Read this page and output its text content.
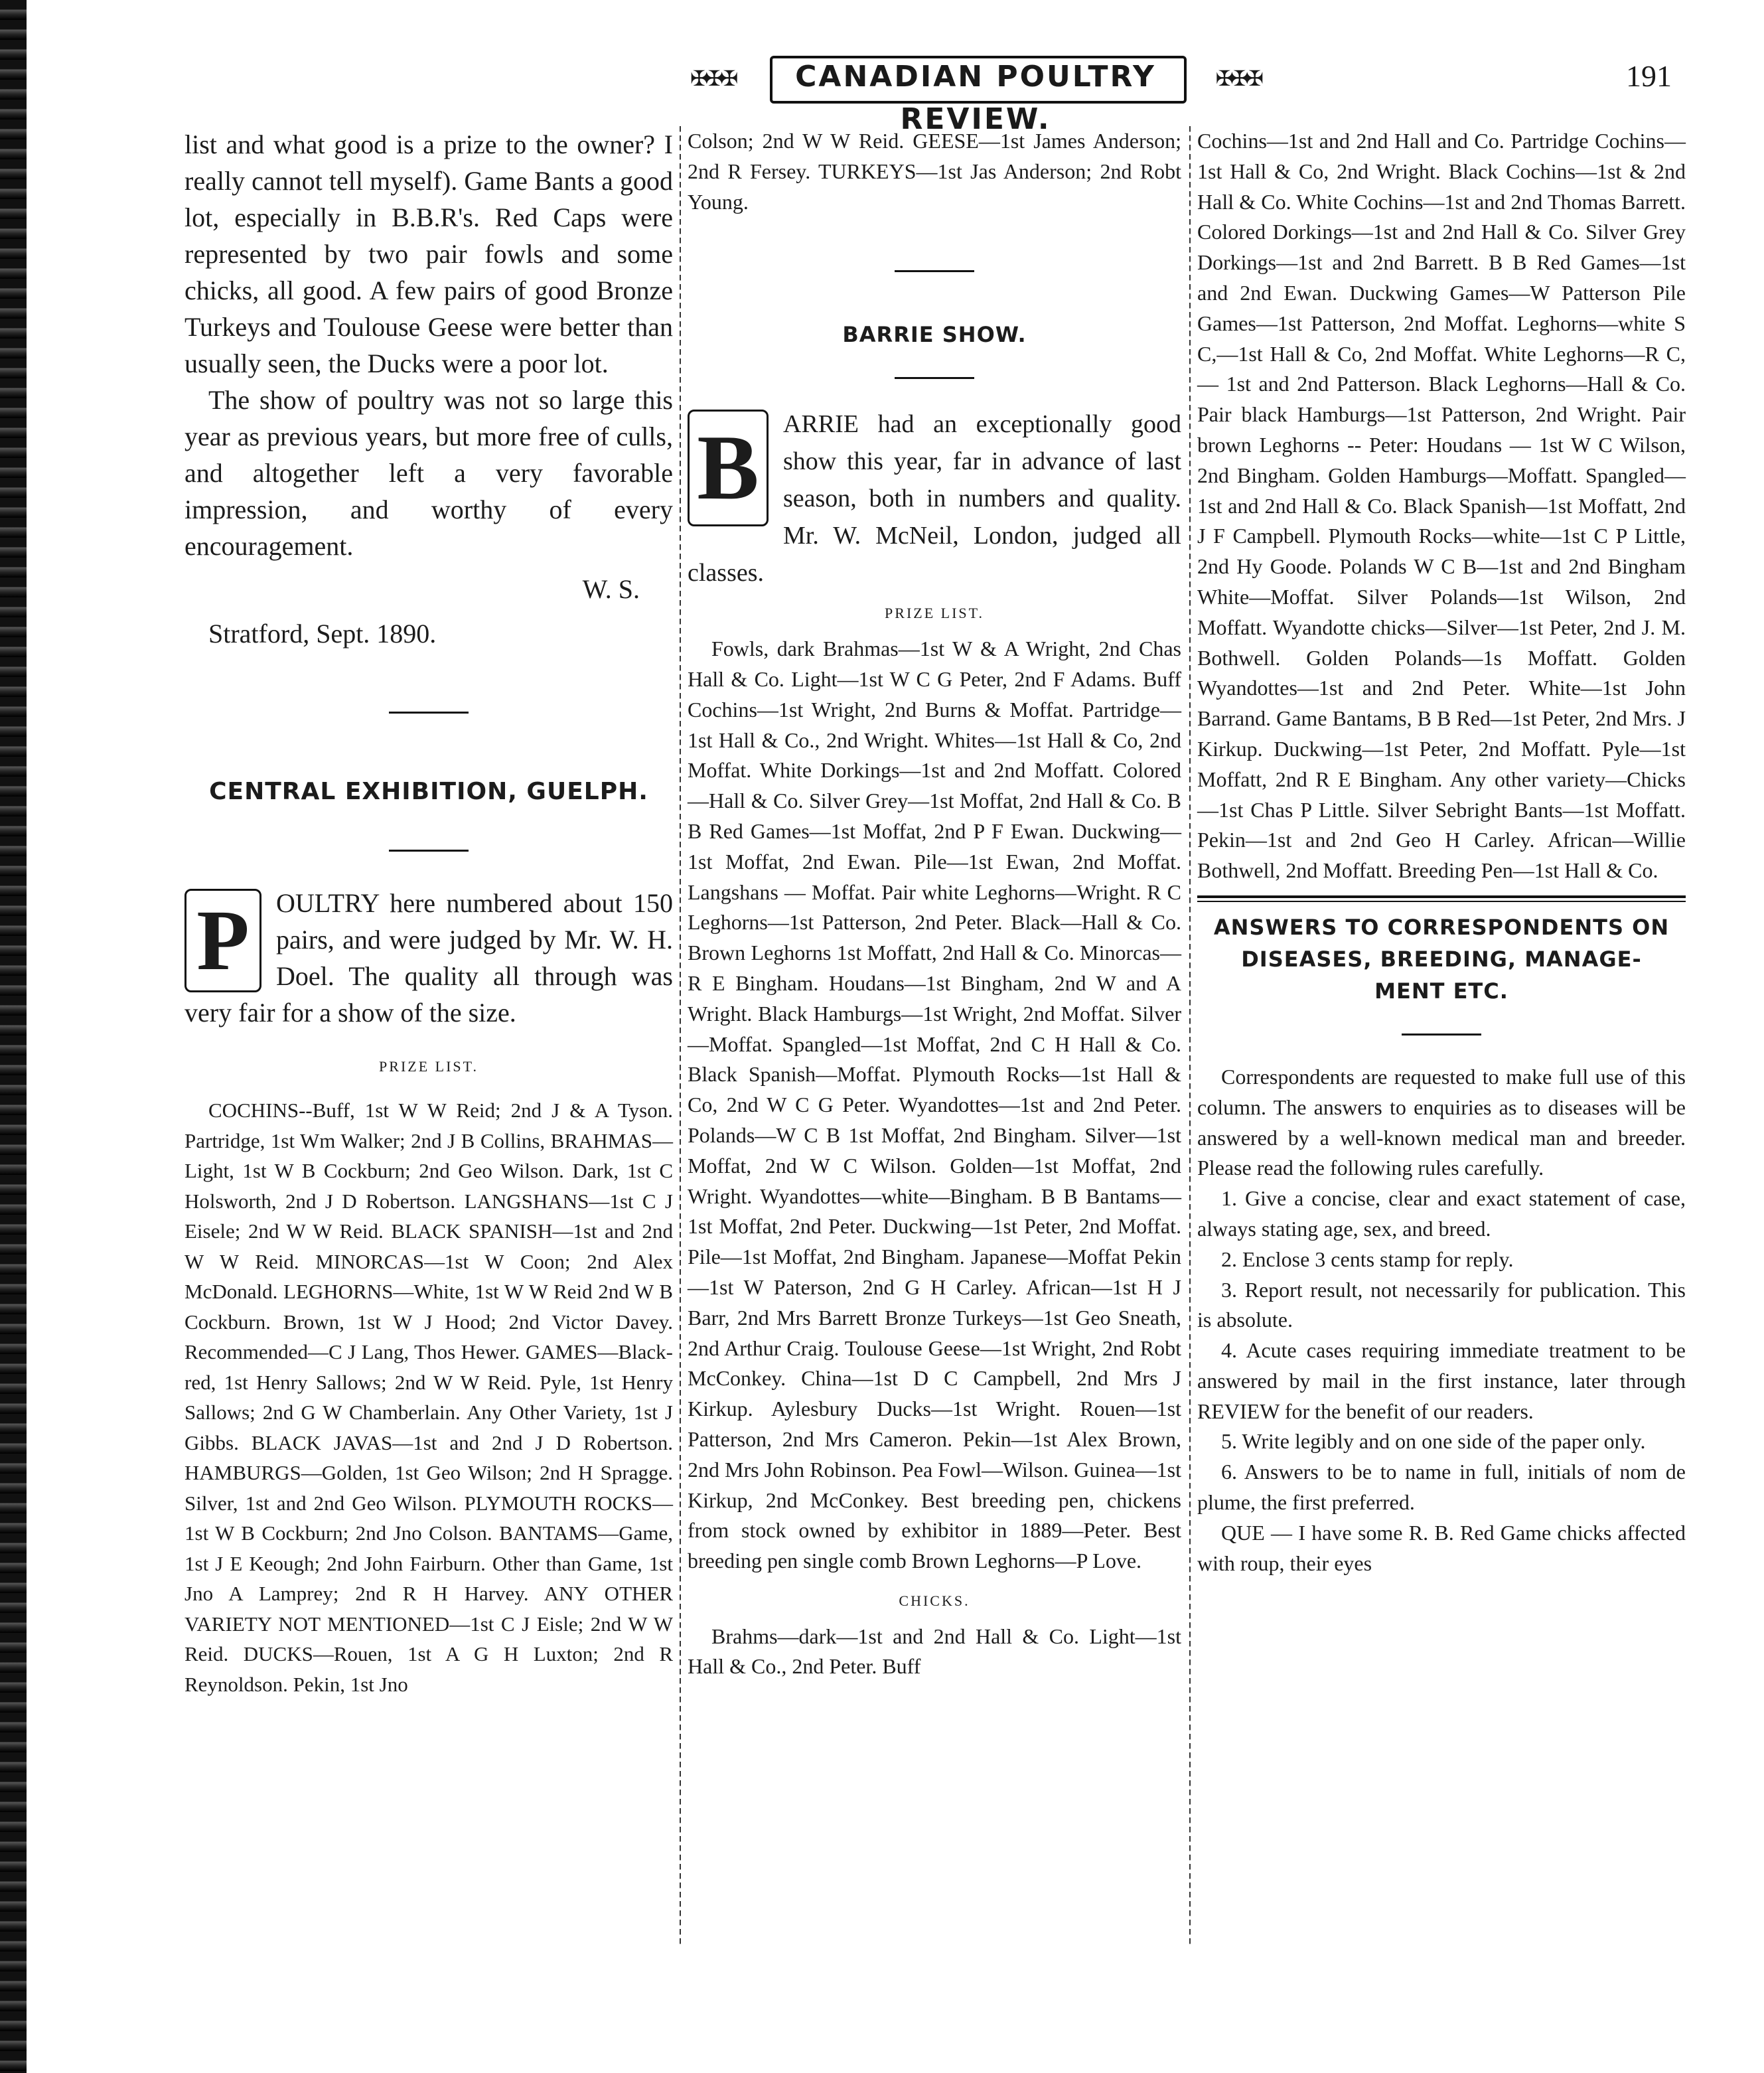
✠✠✠	CANADIAN POULTRY REVIEW.
✠✠✠	191

list and what good is a prize to the owner? I really cannot tell myself). Game Bants a good lot, especially in B.B.R's. Red Caps were represented by two pair fowls and some chicks, all good. A few pairs of good Bronze Turkeys and Toulouse Geese were better than usually seen, the Ducks were a poor lot.

The show of poultry was not so large this year as previous years, but more free of culls, and altogether left a very favorable impression, and worthy of every encouragement.

W. S.

Stratford, Sept. 1890.

CENTRAL EXHIBITION, GUELPH.
P	OULTRY here numbered about 150 pairs, and were judged by Mr. W. H. Doel. The quality all through was very fair for a show of the size.

PRIZE LIST.

COCHINS--Buff, 1st W W Reid; 2nd J & A Tyson. Partridge, 1st Wm Walker; 2nd J B Collins, BRAHMAS—Light, 1st W B Cockburn; 2nd Geo Wilson. Dark, 1st C Holsworth, 2nd J D Robertson. LANGSHANS—1st C J Eisele; 2nd W W Reid. BLACK SPANISH—1st and 2nd W W Reid. MINORCAS—1st W Coon; 2nd Alex McDonald. LEGHORNS—White, 1st W W Reid 2nd W B Cockburn. Brown, 1st W J Hood; 2nd Victor Davey. Recommended—C J Lang, Thos Hewer. GAMES—Black-red, 1st Henry Sallows; 2nd W W Reid. Pyle, 1st Henry Sallows; 2nd G W Chamberlain. Any Other Variety, 1st J Gibbs. BLACK JAVAS—1st and 2nd J D Robertson. HAMBURGS—Golden, 1st Geo Wilson; 2nd H Spragge. Silver, 1st and 2nd Geo Wilson. PLYMOUTH ROCKS—1st W B Cockburn; 2nd Jno Colson. BANTAMS—Game, 1st J E Keough; 2nd John Fairburn. Other than Game, 1st Jno A Lamprey; 2nd R H Harvey. ANY OTHER VARIETY NOT MENTIONED—1st C J Eisle; 2nd W W Reid. DUCKS—Rouen, 1st A G H Luxton; 2nd R Reynoldson. Pekin, 1st Jno

Colson; 2nd W W Reid. GEESE—1st James Anderson; 2nd R Fersey. TURKEYS—1st Jas Anderson; 2nd Robt Young.

BARRIE SHOW.
B ARRIE had an exceptionally good show this year, far in advance of last season, both in numbers and quality. Mr. W. McNeil, London, judged all classes.

PRIZE LIST.

Fowls, dark Brahmas—1st W & A Wright, 2nd Chas Hall & Co. Light—1st W C G Peter, 2nd F Adams. Buff Cochins—1st Wright, 2nd Burns & Moffat. Partridge—1st Hall & Co., 2nd Wright. Whites—1st Hall & Co, 2nd Moffat. White Dorkings—1st and 2nd Moffatt. Colored—Hall & Co. Silver Grey—1st Moffat, 2nd Hall & Co. B B Red Games—1st Moffat, 2nd P F Ewan. Duckwing—1st Moffat, 2nd Ewan. Pile—1st Ewan, 2nd Moffat. Langshans — Moffat. Pair white Leghorns—Wright. R C Leghorns—1st Patterson, 2nd Peter. Black—Hall & Co. Brown Leghorns 1st Moffatt, 2nd Hall & Co. Minorcas—R E Bingham. Houdans—1st Bingham, 2nd W and A Wright. Black Hamburgs—1st Wright, 2nd Moffat. Silver—Moffat. Spangled—1st Moffat, 2nd C H Hall & Co. Black Spanish—Moffat. Plymouth Rocks—1st Hall & Co, 2nd W C G Peter. Wyandottes—1st and 2nd Peter. Polands—W C B 1st Moffat, 2nd Bingham. Silver—1st Moffat, 2nd W C Wilson. Golden—1st Moffat, 2nd Wright. Wyandottes—white—Bingham. B B Bantams—1st Moffat, 2nd Peter. Duckwing—1st Peter, 2nd Moffat. Pile—1st Moffat, 2nd Bingham. Japanese—Moffat Pekin—1st W Paterson, 2nd G H Carley. African—1st H J Barr, 2nd Mrs Barrett Bronze Turkeys—1st Geo Sneath, 2nd Arthur Craig. Toulouse Geese—1st Wright, 2nd Robt McConkey. China—1st D C Campbell, 2nd Mrs J Kirkup. Aylesbury Ducks—1st Wright. Rouen—1st Patterson, 2nd Mrs Cameron. Pekin—1st Alex Brown, 2nd Mrs John Robinson. Pea Fowl—Wilson. Guinea—1st Kirkup, 2nd McConkey. Best breeding pen, chickens from stock owned by exhibitor in 1889—Peter. Best breeding pen single comb Brown Leghorns—P Love.

CHICKS.

Brahms—dark—1st and 2nd Hall & Co. Light—1st Hall & Co., 2nd Peter. Buff

Cochins—1st and 2nd Hall and Co. Partridge Cochins—1st Hall & Co, 2nd Wright. Black Cochins—1st & 2nd Hall & Co. White Cochins—1st and 2nd Thomas Barrett. Colored Dorkings—1st and 2nd Hall & Co. Silver Grey Dorkings—1st and 2nd Barrett. B B Red Games—1st and 2nd Ewan. Duckwing Games—W Patterson Pile Games—1st Patterson, 2nd Moffat. Leghorns—white S C,—1st Hall & Co, 2nd Moffat. White Leghorns—R C,— 1st and 2nd Patterson. Black Leghorns—Hall & Co. Pair black Hamburgs—1st Patterson, 2nd Wright. Pair brown Leghorns -- Peter: Houdans — 1st W C Wilson, 2nd Bingham. Golden Hamburgs—Moffatt. Spangled—1st and 2nd Hall & Co. Black Spanish—1st Moffatt, 2nd J F Campbell. Plymouth Rocks—white—1st C P Little, 2nd Hy Goode. Polands W C B—1st and 2nd Bingham White—Moffat. Silver Polands—1st Wilson, 2nd Moffatt. Wyandotte chicks—Silver—1st Peter, 2nd J. M. Bothwell. Golden Polands—1s Moffatt. Golden Wyandottes—1st and 2nd Peter. White—1st John Barrand. Game Bantams, B B Red—1st Peter, 2nd Mrs. J Kirkup. Duckwing—1st Peter, 2nd Moffatt. Pyle—1st Moffatt, 2nd R E Bingham. Any other variety—Chicks—1st Chas P Little. Silver Sebright Bants—1st Moffatt. Pekin—1st and 2nd Geo H Carley. African—Willie Bothwell, 2nd Moffatt. Breeding Pen—1st Hall & Co.

ANSWERS TO CORRESPONDENTS ON
DISEASES, BREEDING, MANAGE-
MENT ETC.

Correspondents are requested to make full use of this column. The answers to enquiries as to diseases will be answered by a well-known medical man and breeder. Please read the following rules carefully.

1. Give a concise, clear and exact statement of case, always stating age, sex, and breed.

2. Enclose 3 cents stamp for reply.

3. Report result, not necessarily for publication. This is absolute.

4. Acute cases requiring immediate treatment to be answered by mail in the first instance, later through REVIEW for the benefit of our readers.

5. Write legibly and on one side of the paper only.

6. Answers to be to name in full, initials of nom de plume, the first preferred.

QUE — I have some R. B. Red Game chicks affected with roup, their eyes
